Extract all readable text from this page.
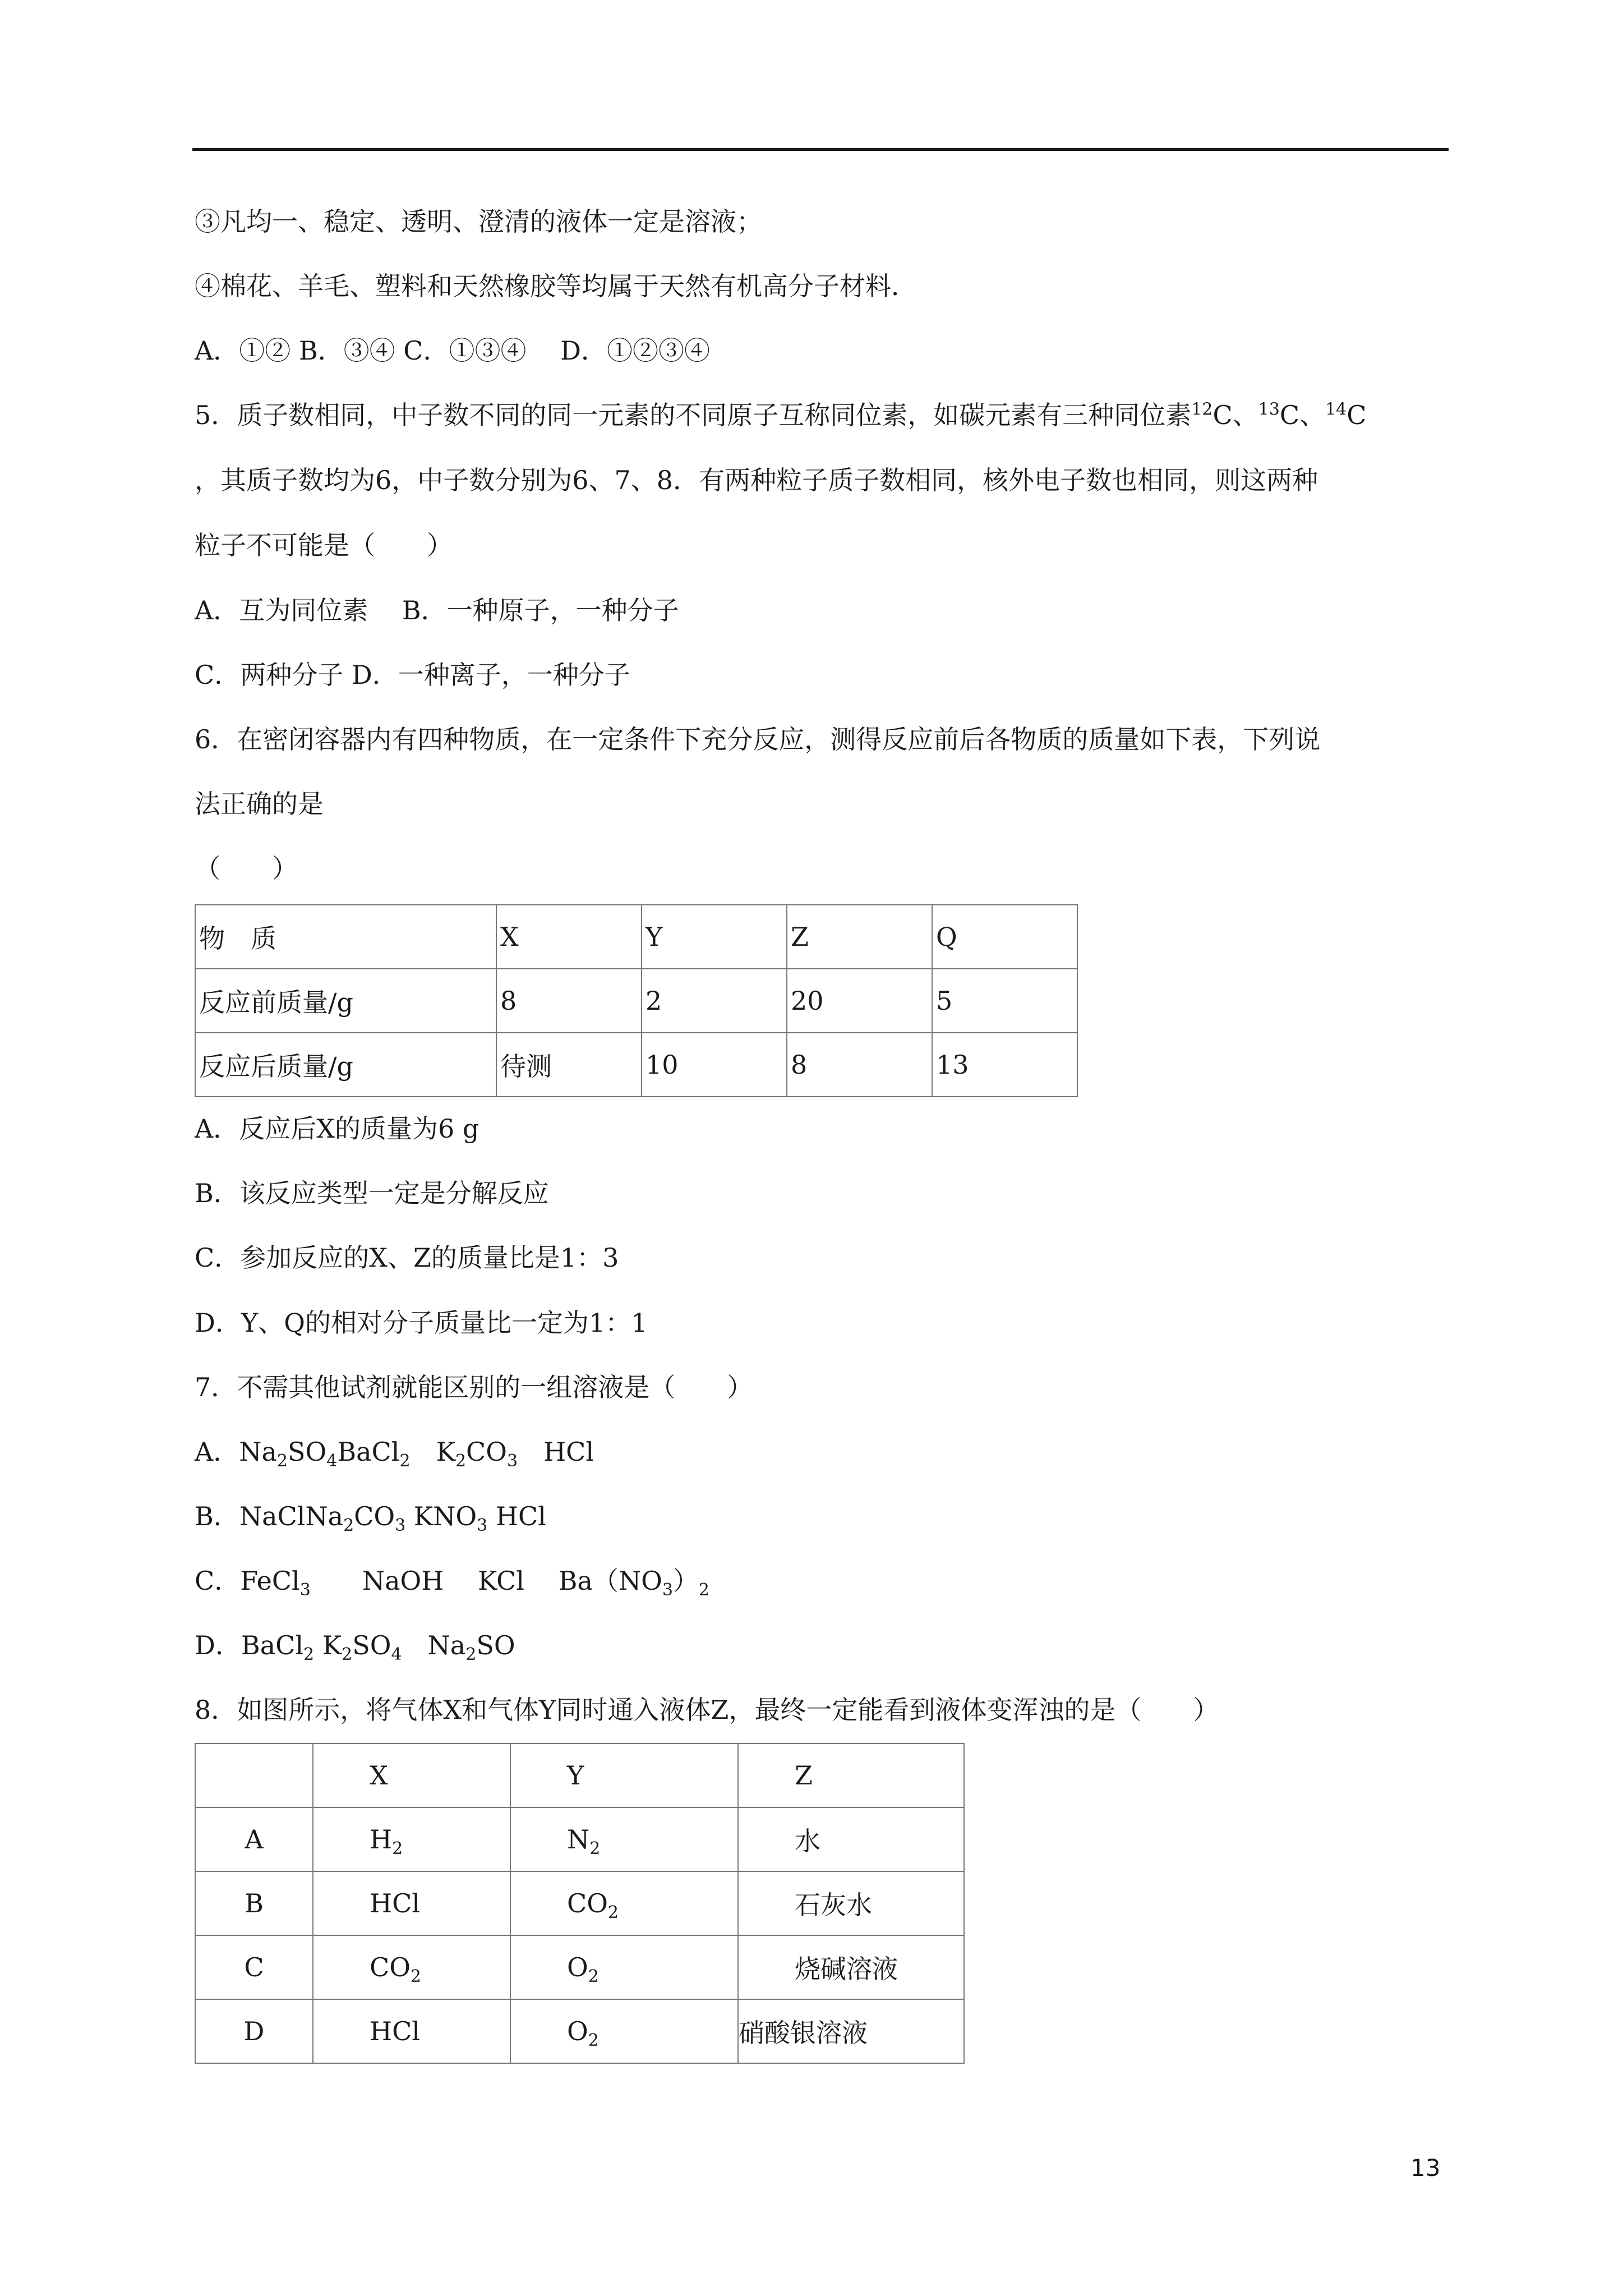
③凡均一、稳定、透明、澄清的液体一定是溶液；
④棉花、羊毛、塑料和天然橡胶等均属于天然有机高分子材料．
A．①② B．③④ C．①③④　 D．①②③④
5．质子数相同，中子数不同的同一元素的不同原子互称同位素，如碳元素有三种同位素$^{12}$C、$^{13}$C、$^{14}$C
，其质子数均为6，中子数分别为6、7、8．有两种粒子质子数相同，核外电子数也相同，则这两种
粒子不可能是（　　）
A．互为同位素　 B．一种原子，一种分子
C．两种分子 D．一种离子，一种分子
6．在密闭容器内有四种物质，在一定条件下充分反应，测得反应前后各物质的质量如下表，下列说
法正确的是
（　　）
物　质	X	Y	Z	Q
反应前质量/g	8	2	20	5
反应后质量/g	待测	10	8	13
A．反应后X的质量为6 g
B．该反应类型一定是分解反应
C．参加反应的X、Z的质量比是1：3
D．Y、Q的相对分子质量比一定为1：1
7．不需其他试剂就能区别的一组溶液是（　　）
A．$Na_2SO_4BaCl_2$　$K_2CO_3$　HCl
B．$NaClNa_2CO_3$ $KNO_3$ HCl
C．FeCl$_3$　　NaOH　 KCl　 $Ba(NO_3)_2$
D．BaCl$_2$ $K_2SO_4$　$Na_2SO$
8．如图所示，将气体X和气体Y同时通入液体Z，最终一定能看到液体变浑浊的是（　　）
	X	Y	Z
A	$H_2$	$N_2$	水
B	HCl	$CO_2$	石灰水
C	$CO_2$	$O_2$	烧碱溶液
D	HCl	$O_2$	硝酸银溶液
13
